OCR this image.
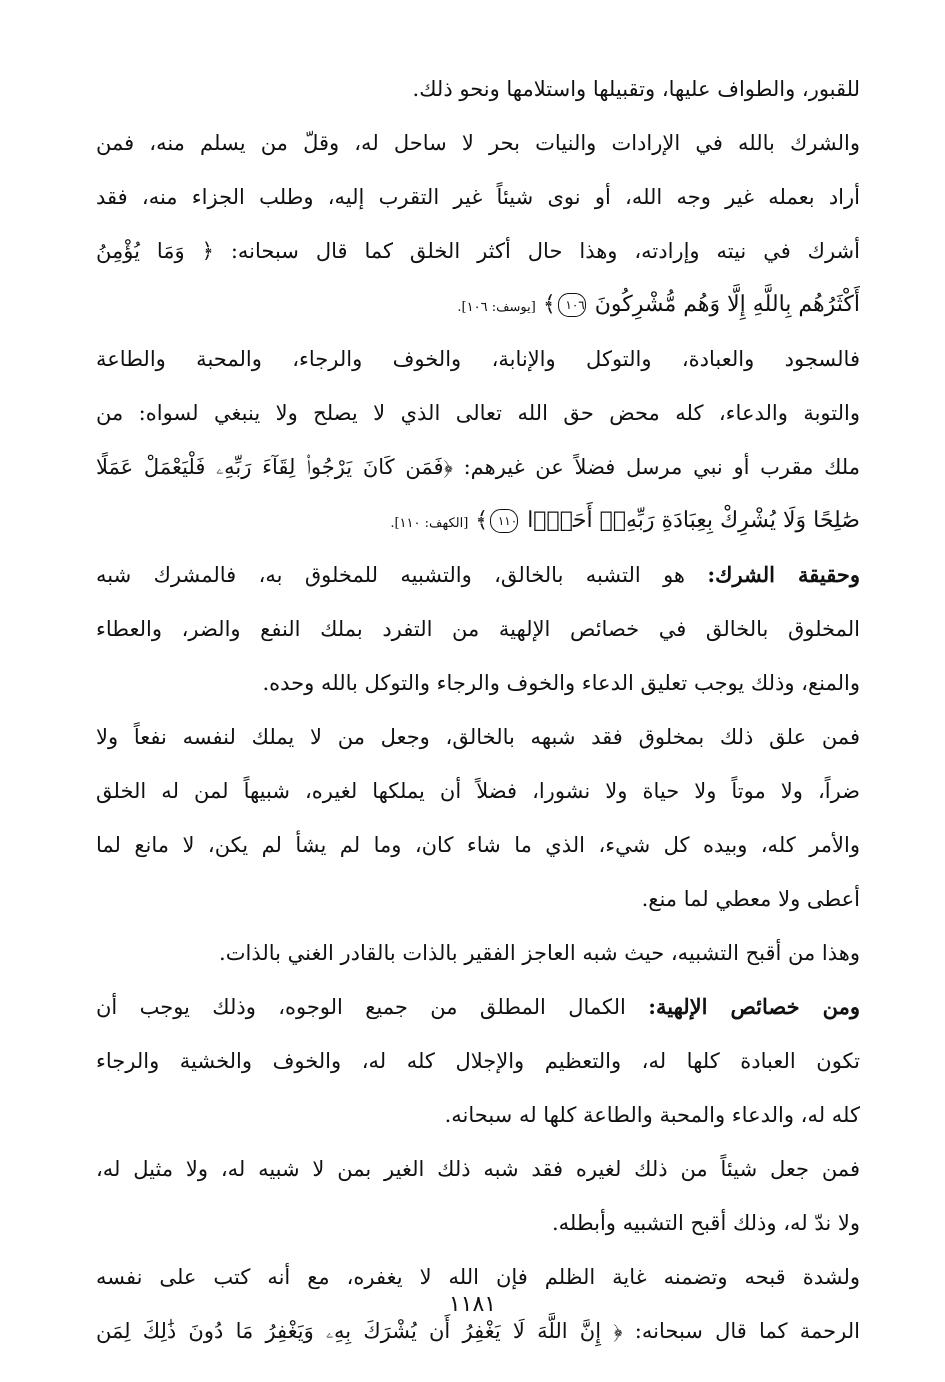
للقبور، والطواف عليها، وتقبيلها واستلامها ونحو ذلك.
والشرك بالله في الإرادات والنيات بحر لا ساحل له، وقلّ من يسلم منه، فمن
أراد بعمله غير وجه الله، أو نوى شيئاً غير التقرب إليه، وطلب الجزاء منه، فقد
أشرك في نيته وإرادته، وهذا حال أكثر الخلق كما قال سبحانه: ﴿ وَمَا يُؤْمِنُ
أَكْثَرُهُم بِاللَّهِ إِلَّا وَهُم مُّشْرِكُونَ ١٠٦﴾ [يوسف: ١٠٦].
فالسجود والعبادة، والتوكل والإنابة، والخوف والرجاء، والمحبة والطاعة
والتوبة والدعاء، كله محض حق الله تعالى الذي لا يصلح ولا ينبغي لسواه: من
ملك مقرب أو نبي مرسل فضلاً عن غيرهم: ﴿فَمَن كَانَ يَرْجُوا۟ لِقَآءَ رَبِّهِۦ فَلْيَعْمَلْ عَمَلًا
صَٰلِحًا وَلَا يُشْرِكْ بِعِبَادَةِ رَبِّهِۦٓ أَحَدًۢا ١١٠﴾ [الكهف: ١١٠].
وحقيقة الشرك: هو التشبه بالخالق، والتشبيه للمخلوق به، فالمشرك شبه
المخلوق بالخالق في خصائص الإلهية من التفرد بملك النفع والضر، والعطاء
والمنع، وذلك يوجب تعليق الدعاء والخوف والرجاء والتوكل بالله وحده.
فمن علق ذلك بمخلوق فقد شبهه بالخالق، وجعل من لا يملك لنفسه نفعاً ولا
ضراً، ولا موتاً ولا حياة ولا نشورا، فضلاً أن يملكها لغيره، شبيهاً لمن له الخلق
والأمر كله، وبيده كل شيء، الذي ما شاء كان، وما لم يشأ لم يكن، لا مانع لما
أعطى ولا معطي لما منع.
وهذا من أقبح التشبيه، حيث شبه العاجز الفقير بالذات بالقادر الغني بالذات.
ومن خصائص الإلهية: الكمال المطلق من جميع الوجوه، وذلك يوجب أن
تكون العبادة كلها له، والتعظيم والإجلال كله له، والخوف والخشية والرجاء
كله له، والدعاء والمحبة والطاعة كلها له سبحانه.
فمن جعل شيئاً من ذلك لغيره فقد شبه ذلك الغير بمن لا شبيه له، ولا مثيل له،
ولا ندّ له، وذلك أقبح التشبيه وأبطله.
ولشدة قبحه وتضمنه غاية الظلم فإن الله لا يغفره، مع أنه كتب على نفسه
الرحمة كما قال سبحانه: ﴿ إِنَّ اللَّهَ لَا يَغْفِرُ أَن يُشْرَكَ بِهِۦ وَيَغْفِرُ مَا دُونَ ذَٰلِكَ لِمَن
١١٨١
